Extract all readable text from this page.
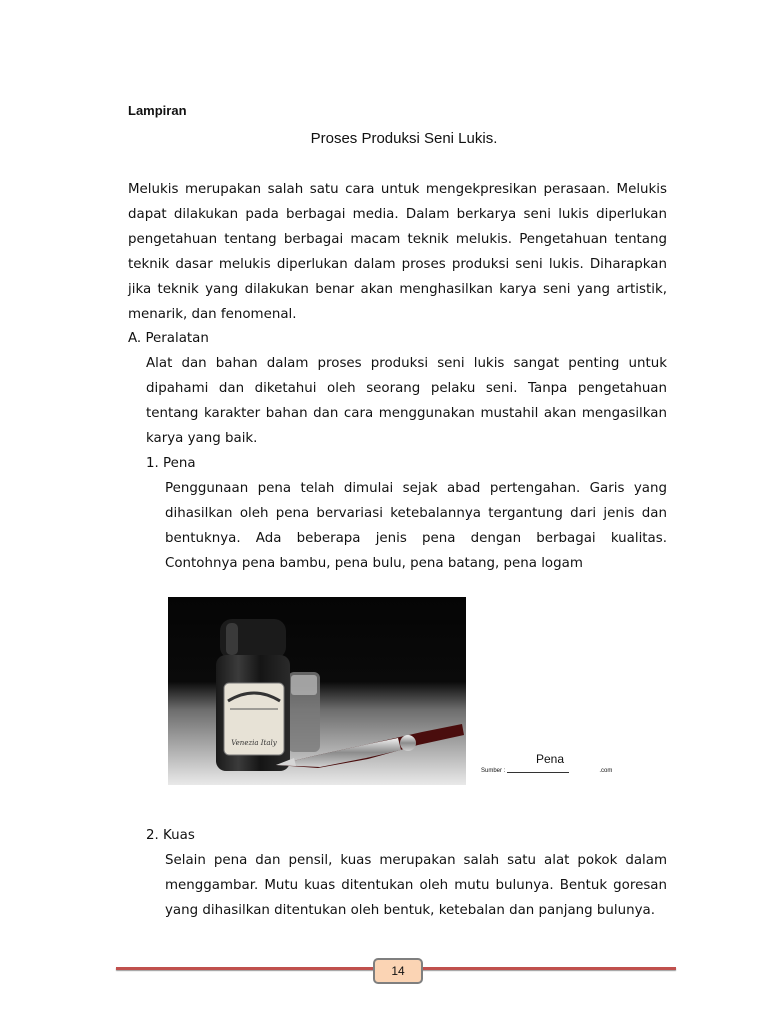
Lampiran
Proses Produksi Seni Lukis.
Melukis merupakan salah satu cara untuk mengekpresikan perasaan. Melukis dapat dilakukan pada berbagai media. Dalam berkarya seni lukis diperlukan pengetahuan tentang berbagai macam teknik melukis. Pengetahuan tentang teknik dasar melukis diperlukan dalam proses produksi seni lukis. Diharapkan jika teknik yang dilakukan benar akan menghasilkan karya seni yang artistik, menarik, dan fenomenal.
A. Peralatan
Alat dan bahan dalam proses produksi seni lukis sangat penting untuk dipahami dan diketahui oleh seorang pelaku seni. Tanpa pengetahuan tentang karakter bahan dan cara menggunakan mustahil akan mengasilkan karya yang baik.
1. Pena
Penggunaan pena telah dimulai sejak abad pertengahan. Garis yang dihasilkan oleh pena bervariasi ketebalannya tergantung dari jenis dan bentuknya. Ada beberapa jenis pena dengan berbagai kualitas. Contohnya pena bambu, pena bulu, pena batang, pena logam
Venezia Italy
Pena
Sumber :	.com
2. Kuas
Selain pena dan pensil, kuas merupakan salah satu alat pokok dalam menggambar. Mutu kuas ditentukan oleh mutu bulunya. Bentuk goresan yang dihasilkan ditentukan oleh bentuk, ketebalan dan panjang bulunya.
14
